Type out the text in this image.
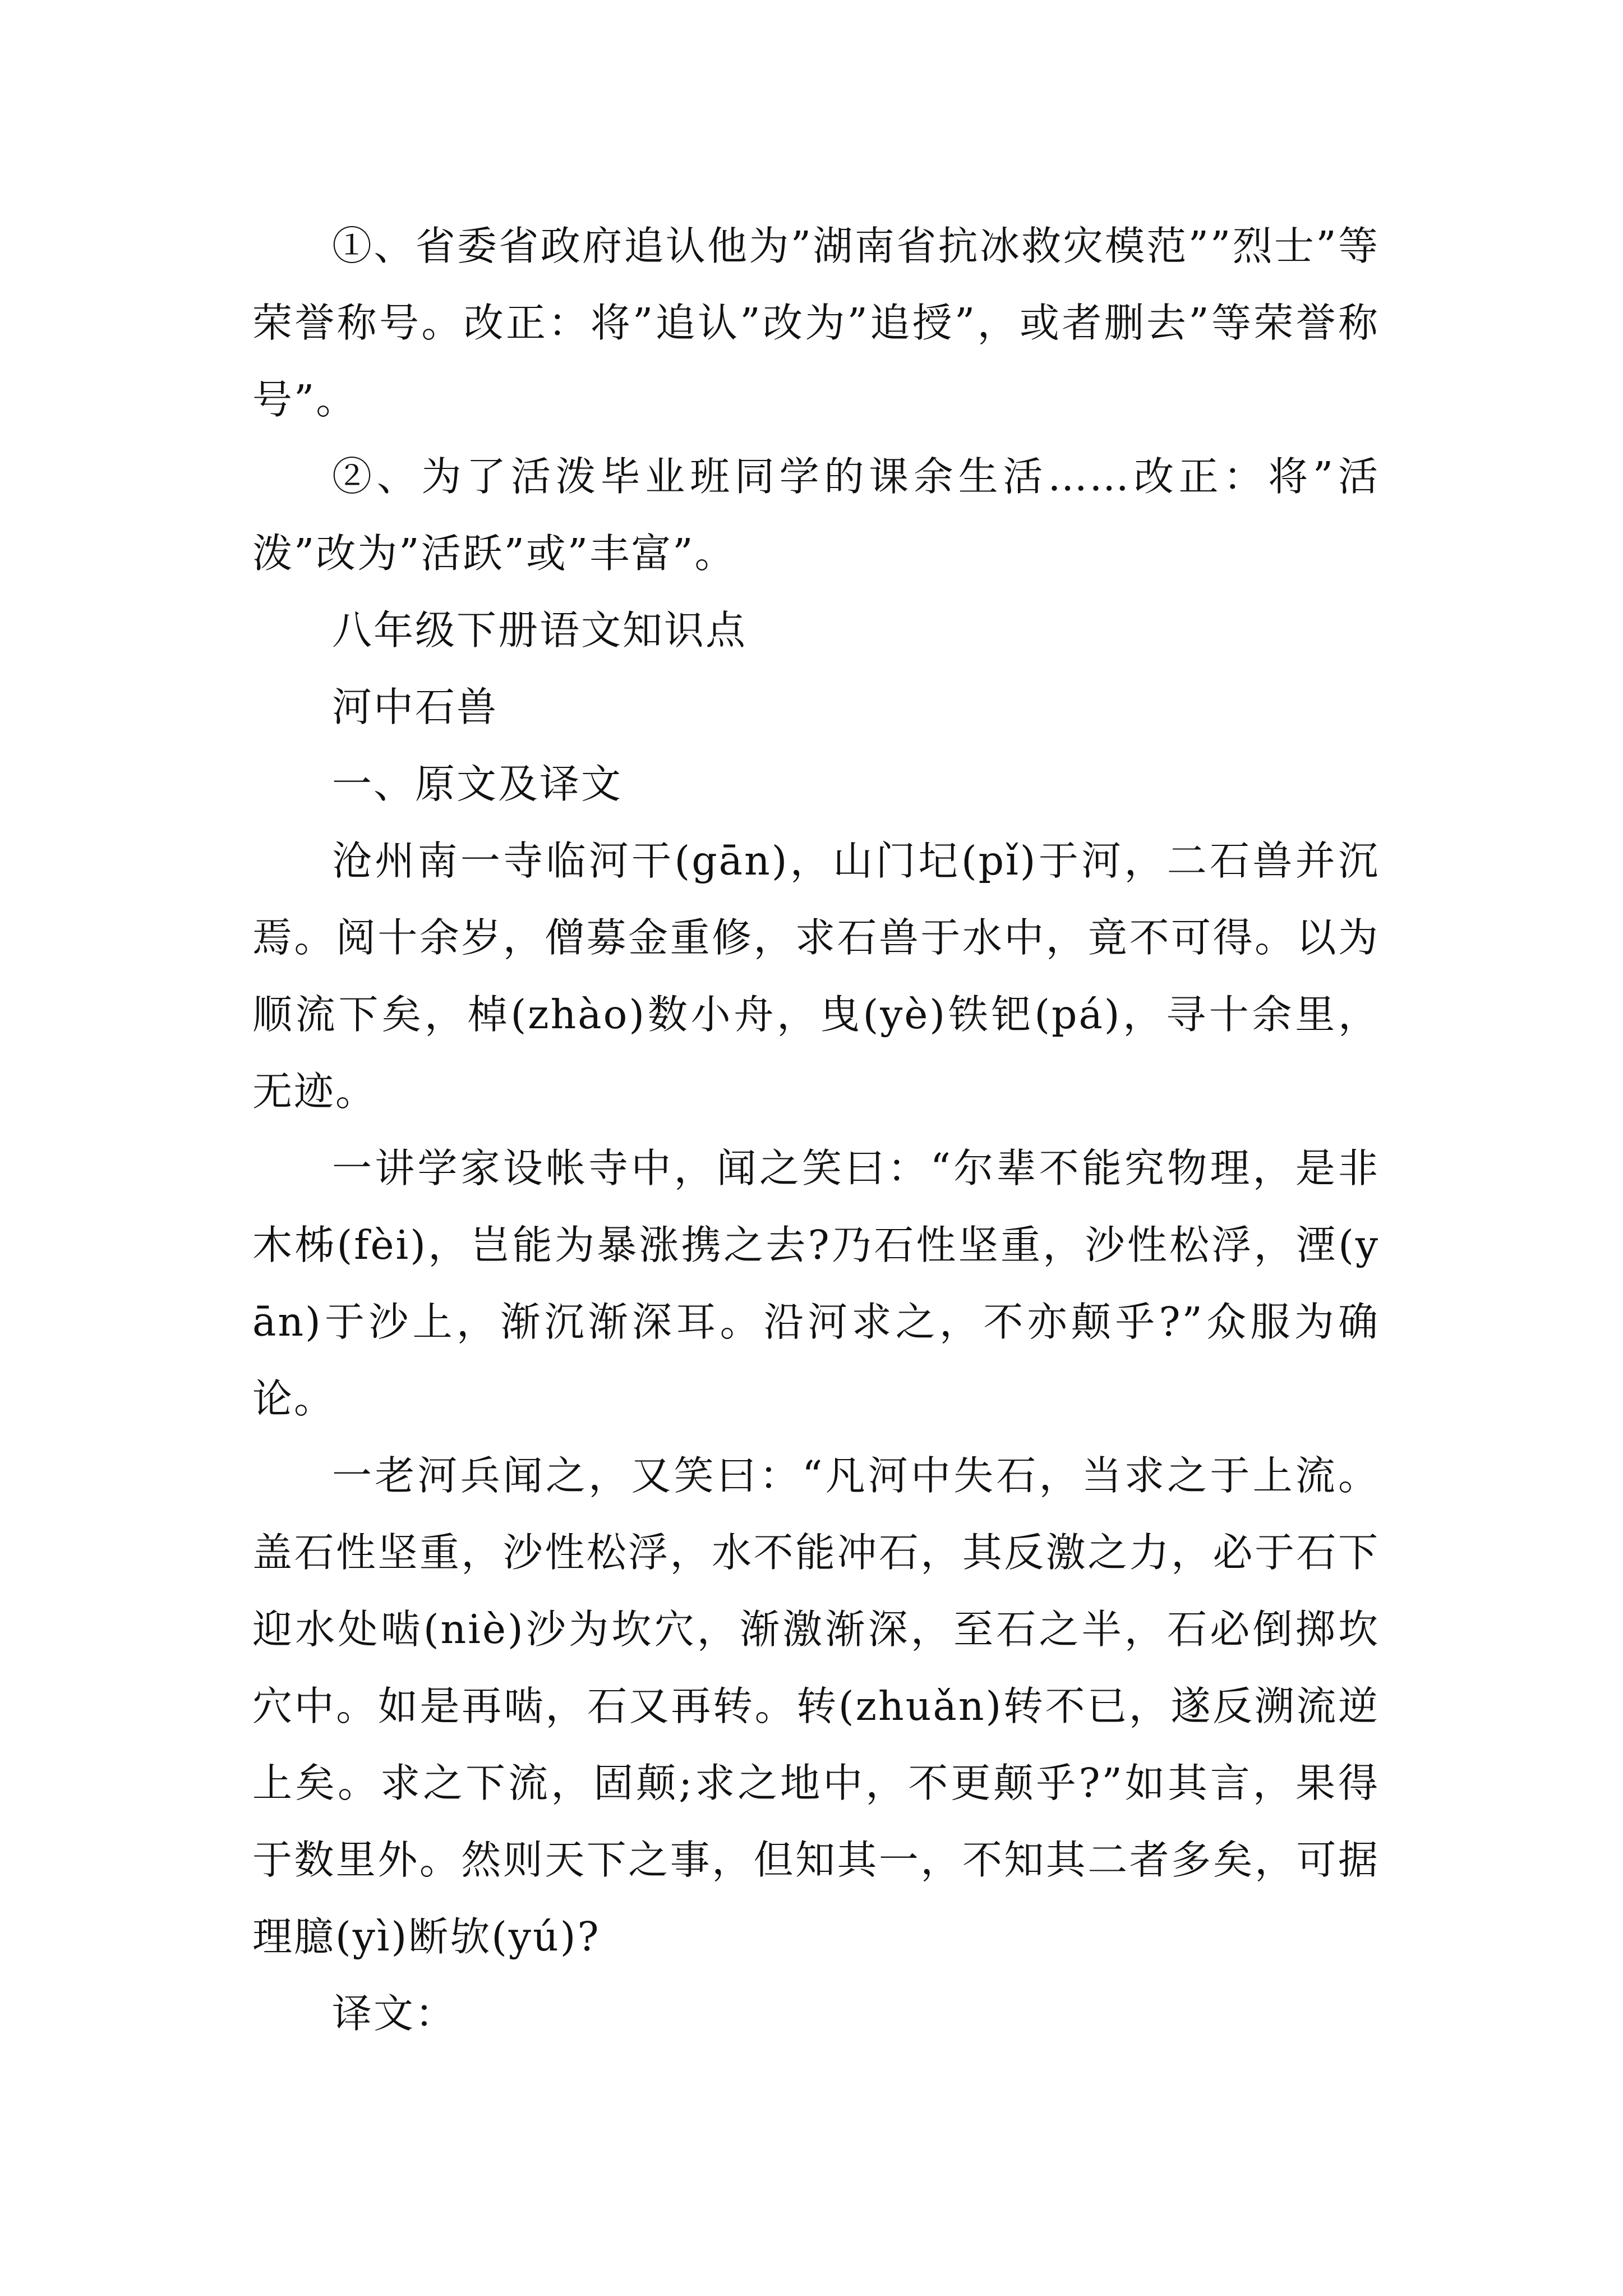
①、省委省政府追认他为”湖南省抗冰救灾模范””烈士”等荣誉称号。改正：将”追认”改为”追授”，或者删去”等荣誉称号”。

②、为了活泼毕业班同学的课余生活……改正：将”活泼”改为”活跃”或”丰富”。

八年级下册语文知识点

河中石兽

一、原文及译文

沧州南一寺临河干(gān)，山门圮(pǐ)于河，二石兽并沉焉。阅十余岁，僧募金重修，求石兽于水中，竟不可得。以为顺流下矣，棹(zhào)数小舟，曳(yè)铁钯(pá)，寻十余里，无迹。

一讲学家设帐寺中，闻之笑曰：“尔辈不能究物理，是非木柹(fèi)，岂能为暴涨携之去?乃石性坚重，沙性松浮，湮(yān)于沙上，渐沉渐深耳。沿河求之，不亦颠乎?”众服为确论。

一老河兵闻之，又笑曰：“凡河中失石，当求之于上流。盖石性坚重，沙性松浮，水不能冲石，其反激之力，必于石下迎水处啮(niè)沙为坎穴，渐激渐深，至石之半，石必倒掷坎穴中。如是再啮，石又再转。转(zhuǎn)转不已，遂反溯流逆上矣。求之下流，固颠;求之地中，不更颠乎?”如其言，果得于数里外。然则天下之事，但知其一，不知其二者多矣，可据理臆(yì)断欤(yú)?

译文：
